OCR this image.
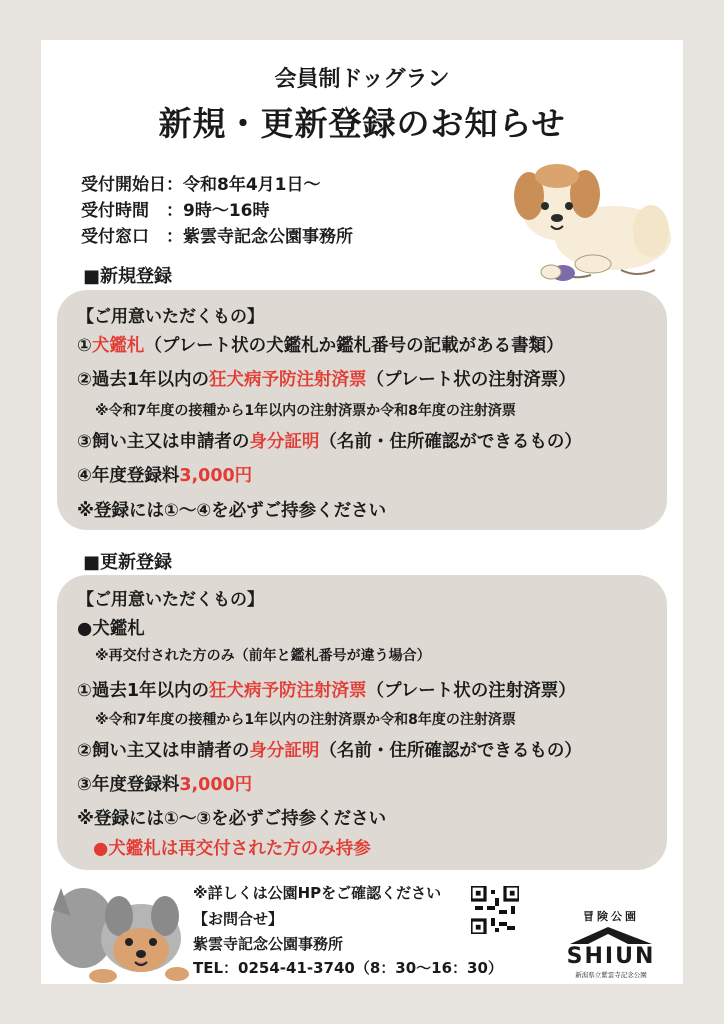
会員制ドッグラン
新規・更新登録のお知らせ
受付開始日：令和8年4月1日～
受付時間　：9時～16時
受付窓口　：紫雲寺記念公園事務所
■新規登録
【ご用意いただくもの】
①犬鑑札（プレート状の犬鑑札か鑑札番号の記載がある書類）
②過去1年以内の狂犬病予防注射済票（プレート状の注射済票）
※令和7年度の接種から1年以内の注射済票か令和8年度の注射済票
③飼い主又は申請者の身分証明（名前・住所確認ができるもの）
④年度登録料3,000円
※登録には①～④を必ずご持参ください
■更新登録
【ご用意いただくもの】
●犬鑑札
※再交付された方のみ（前年と鑑札番号が違う場合）
①過去1年以内の狂犬病予防注射済票（プレート状の注射済票）
※令和7年度の接種から1年以内の注射済票か令和8年度の注射済票
②飼い主又は申請者の身分証明（名前・住所確認ができるもの）
③年度登録料3,000円
※登録には①～③を必ずご持参ください
●犬鑑札は再交付された方のみ持参
※詳しくは公園HPをご確認ください
【お問合せ】
紫雲寺記念公園事務所
TEL：0254-41-3740（8：30～16：30）
冒険公園
SHIUN
新潟県立紫雲寺記念公園
